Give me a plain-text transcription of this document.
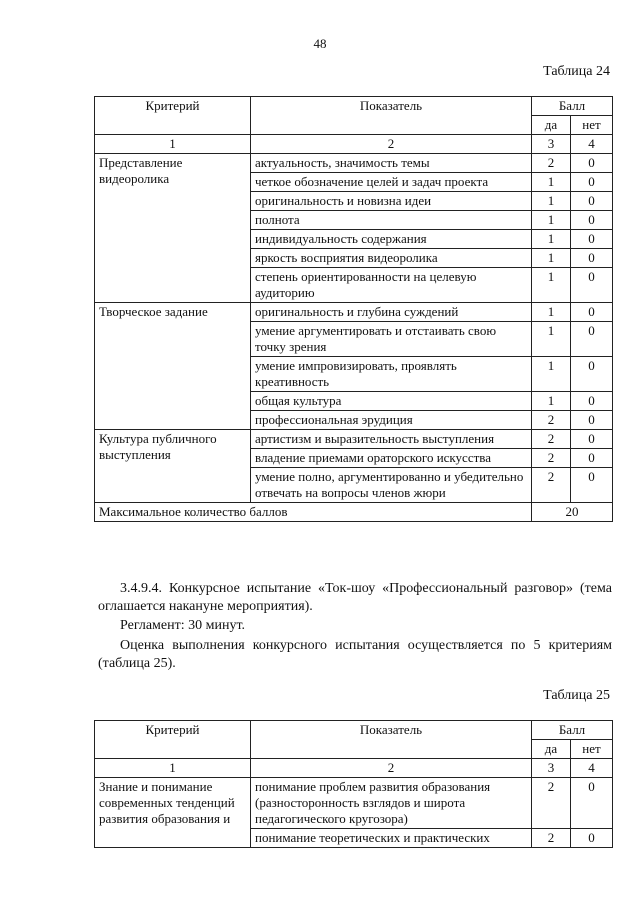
48
Таблица 24
Критерий	Показатель	Балл	
		да	нет
1	2	3	4
Представление видеоролика	актуальность, значимость темы	2	0
	четкое обозначение целей и задач проекта	1	0
	оригинальность и новизна идеи	1	0
	полнота	1	0
	индивидуальность содержания	1	0
	яркость восприятия видеоролика	1	0
	степень ориентированности на целевую аудиторию	1	0
Творческое задание	оригинальность и глубина суждений	1	0
	умение аргументировать и отстаивать свою точку зрения	1	0
	умение импровизировать, проявлять креативность	1	0
	общая культура	1	0
	профессиональная эрудиция	2	0
Культура публичного выступления	артистизм и выразительность выступления	2	0
	владение приемами ораторского искусства	2	0
	умение полно, аргументированно и убедительно отвечать на вопросы членов жюри	2	0
Максимальное количество баллов		20	
3.4.9.4. Конкурсное испытание «Ток-шоу «Профессиональный разговор» (тема оглашается накануне мероприятия).
Регламент: 30 минут.
Оценка выполнения конкурсного испытания осуществляется по 5 критериям (таблица 25).
Таблица 25
Критерий	Показатель	Балл	
		да	нет
1	2	3	4
Знание и понимание современных тенденций развития образования и	понимание проблем развития образования (разносторонность взглядов и широта педагогического кругозора)	2	0
	понимание теоретических и практических	2	0
